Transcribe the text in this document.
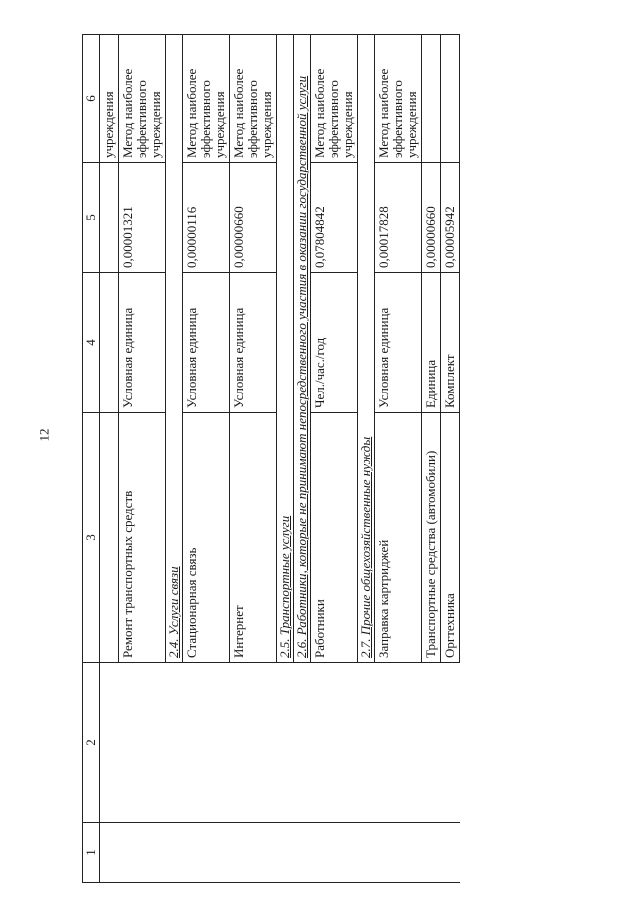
12
1	2	3	4	5	6
					учреждения
		Ремонт транспортных средств	Условная единица	0,00001321	Метод наиболее эффективного учреждения
		2.4. Услуги связи			
		Стационарная связь	Условная единица	0,00000116	Метод наиболее эффективного учреждения
		Интернет	Условная единица	0,00000660	Метод наиболее эффективного учреждения
		2.5. Транспортные услуги			
		2.6. Работники, которые не принимают непосредственного участия в оказании государственной услуги			
		Работники	Чел./час./год	0,07804842	Метод наиболее эффективного учреждения
		2.7. Прочие общехозяйственные нужды			
		Заправка картриджей	Условная единица	0,00017828	Метод наиболее эффективного учреждения
		Транспортные средства (автомобили)	Единица	0,00000660	
		Оргтехника	Комплект	0,00005942	
